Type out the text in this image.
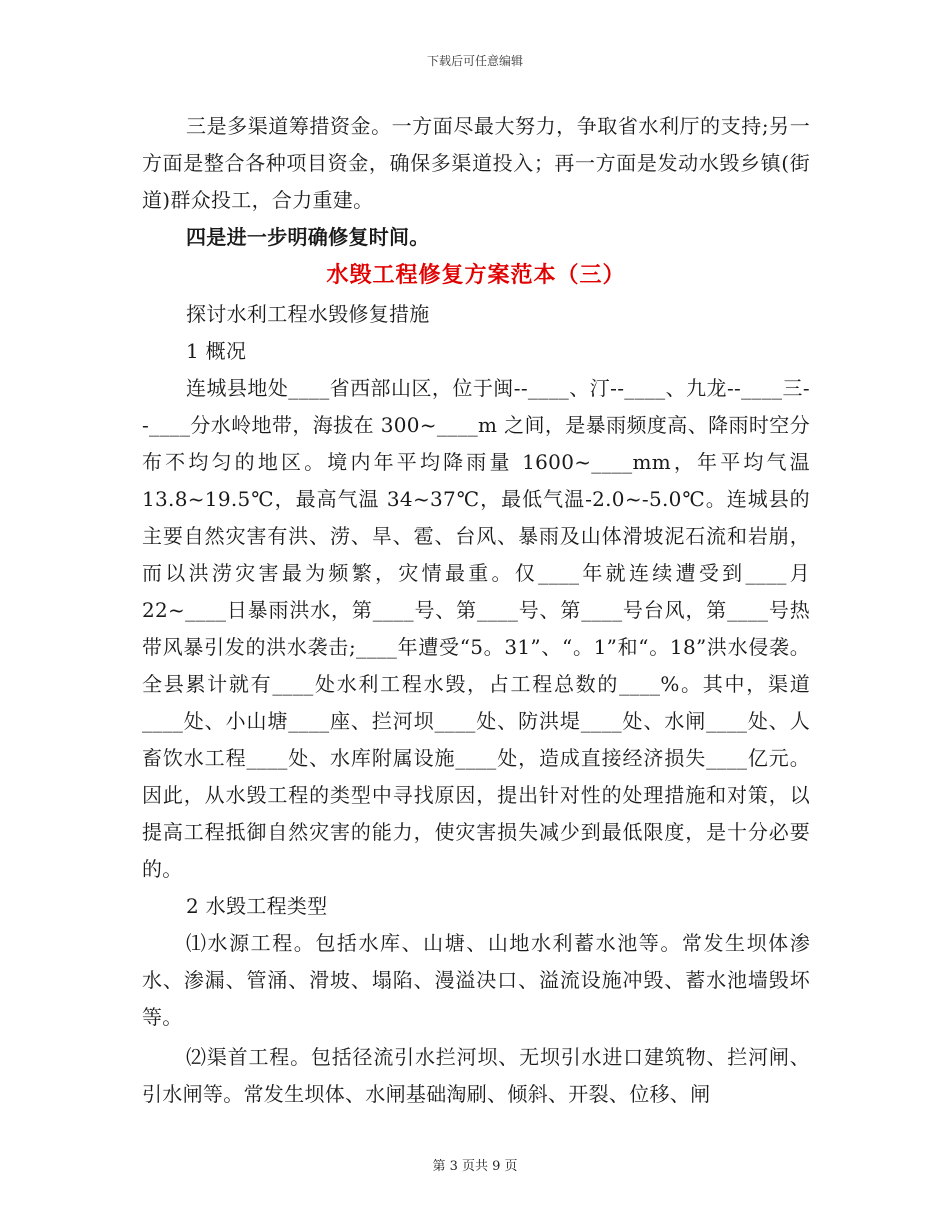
下载后可任意编辑

三是多渠道筹措资金。一方面尽最大努力，争取省水利厅的支持;另一方面是整合各种项目资金，确保多渠道投入；再一方面是发动水毁乡镇(街道)群众投工，合力重建。

四是进一步明确修复时间。

水毁工程修复方案范本（三）

探讨水利工程水毁修复措施

1 概况

连城县地处____省西部山区，位于闽--____、汀--____、九龙--____三--____分水岭地带，海拔在 300~____m 之间，是暴雨频度高、降雨时空分布不均匀的地区。境内年平均降雨量 1600~____mm，年平均气温 13.8~19.5℃，最高气温 34~37℃，最低气温-2.0~-5.0℃。连城县的主要自然灾害有洪、涝、旱、雹、台风、暴雨及山体滑坡泥石流和岩崩，而以洪涝灾害最为频繁，灾情最重。仅____年就连续遭受到____月 22~____日暴雨洪水，第____号、第____号、第____号台风，第____号热带风暴引发的洪水袭击;____年遭受“5。31”、“。1”和“。18”洪水侵袭。全县累计就有____处水利工程水毁，占工程总数的____%。其中，渠道____处、小山塘____座、拦河坝____处、防洪堤____处、水闸____处、人畜饮水工程____处、水库附属设施____处，造成直接经济损失____亿元。因此，从水毁工程的类型中寻找原因，提出针对性的处理措施和对策，以提高工程抵御自然灾害的能力，使灾害损失减少到最低限度，是十分必要的。

2 水毁工程类型

⑴水源工程。包括水库、山塘、山地水利蓄水池等。常发生坝体渗水、渗漏、管涌、滑坡、塌陷、漫溢决口、溢流设施冲毁、蓄水池墙毁坏等。

⑵渠首工程。包括径流引水拦河坝、无坝引水进口建筑物、拦河闸、引水闸等。常发生坝体、水闸基础淘刷、倾斜、开裂、位移、闸

第 3 页共 9 页
